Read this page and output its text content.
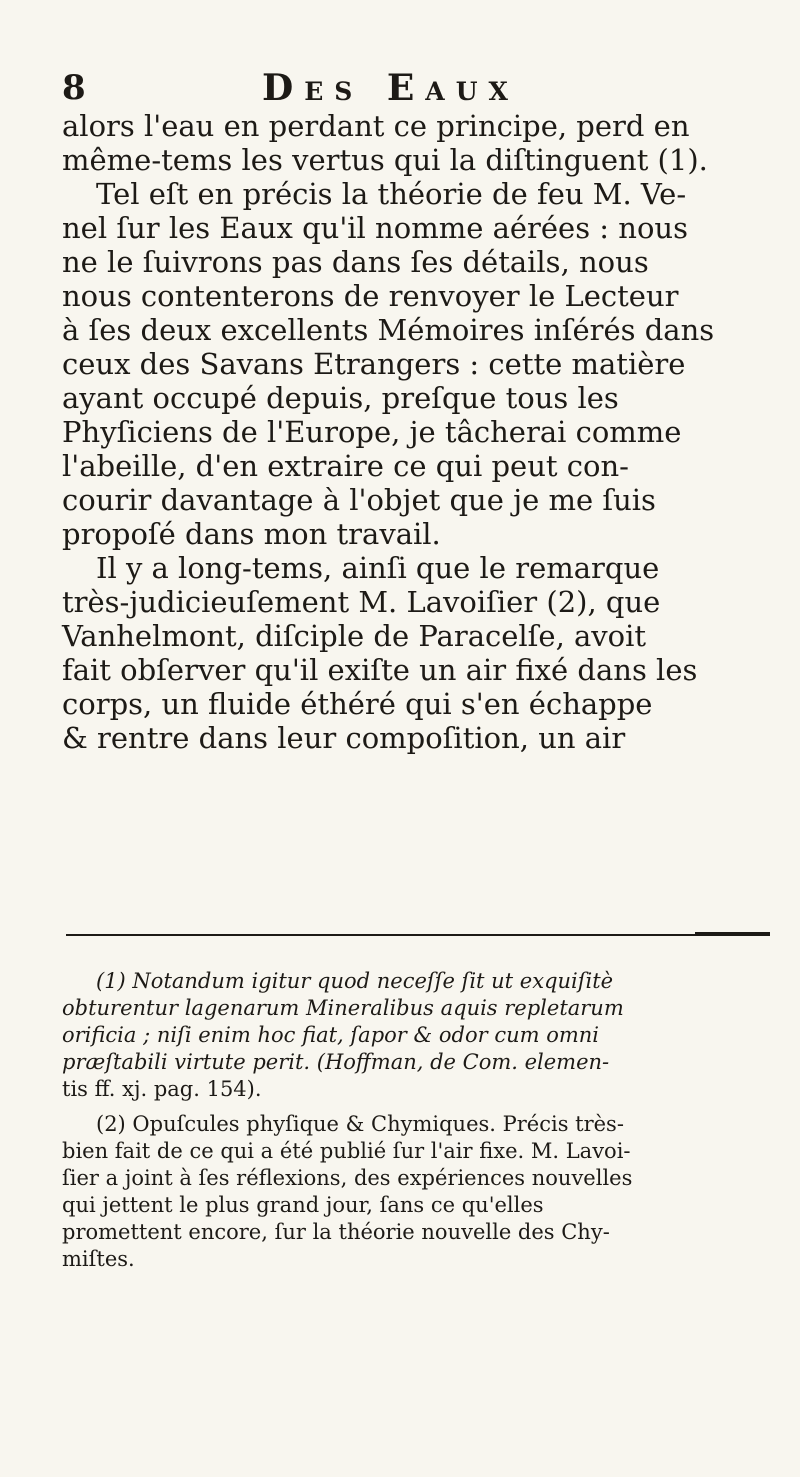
8	Des Eaux
alors l'eau en perdant ce principe, perd en
même-tems les vertus qui la diſtinguent (1).
Tel eſt en précis la théorie de feu M. Ve-
nel ſur les Eaux qu'il nomme aérées : nous
ne le ſuivrons pas dans ſes détails, nous
nous contenterons de renvoyer le Lecteur
à ſes deux excellents Mémoires inſérés dans
ceux des Savans Etrangers : cette matière
ayant occupé depuis, preſque tous les
Phyſiciens de l'Europe, je tâcherai comme
l'abeille, d'en extraire ce qui peut con-
courir davantage à l'objet que je me ſuis
propoſé dans mon travail.
Il y a long-tems, ainſi que le remarque
très-judicieuſement M. Lavoiſier (2), que
Vanhelmont, diſciple de Paracelſe, avoit
fait obſerver qu'il exiſte un air fixé dans les
corps, un fluide éthéré qui s'en échappe
& rentre dans leur compoſition, un air
(1) Notandum igitur quod neceſſe ſit ut exquiſitè
obturentur lagenarum Mineralibus aquis repletarum
orificia ; niſi enim hoc fiat, ſapor & odor cum omni
præſtabili virtute perit. (Hoffman, de Com. elemen-
tis ff. xj. pag. 154).
(2) Opuſcules phyſique & Chymiques. Précis très-
bien fait de ce qui a été publié ſur l'air fixe. M. Lavoi-
ſier a joint à ſes réflexions, des expériences nouvelles
qui jettent le plus grand jour, ſans ce qu'elles
promettent encore, ſur la théorie nouvelle des Chy-
miſtes.
